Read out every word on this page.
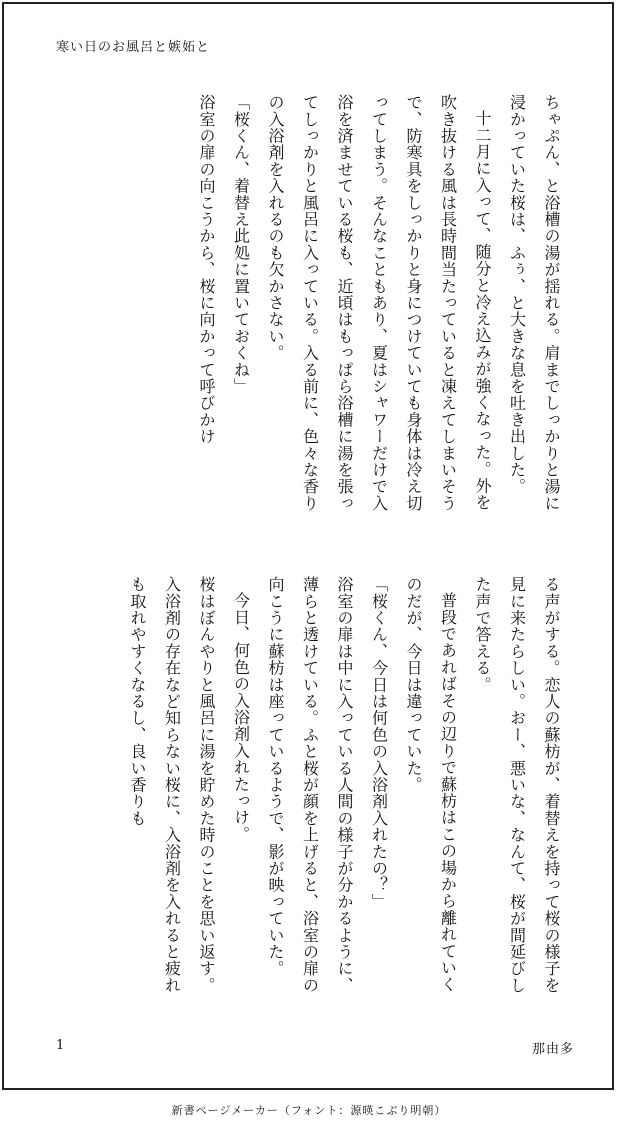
寒い日のお風呂と嫉妬と

ちゃぷん、と浴槽の湯が揺れる。肩までしっかりと湯に浸かっていた桜は、ふぅ、と大きな息を吐き出した。

十二月に入って、随分と冷え込みが強くなった。外を吹き抜ける風は長時間当たっていると凍えてしまいそうで、防寒具をしっかりと身につけていても身体は冷え切ってしまう。そんなこともあり、夏はシャワーだけで入浴を済ませている桜も、近頃はもっぱら浴槽に湯を張ってしっかりと風呂に入っている。入る前に、色々な香りの入浴剤を入れるのも欠かさない。

「桜くん、着替え此処に置いておくね」

浴室の扉の向こうから、桜に向かって呼びかけ

る声がする。恋人の蘇枋が、着替えを持って桜の様子を見に来たらしい。おー、悪いな、なんて、桜が間延びした声で答える。

普段であればその辺りで蘇枋はこの場から離れていくのだが、今日は違っていた。

「桜くん、今日は何色の入浴剤入れたの？」

浴室の扉は中に入っている人間の様子が分かるように、薄らと透けている。ふと桜が顔を上げると、浴室の扉の向こうに蘇枋は座っているようで、影が映っていた。

今日、何色の入浴剤入れたっけ。

桜はぼんやりと風呂に湯を貯めた時のことを思い返す。入浴剤の存在など知らない桜に、入浴剤を入れると疲れも取れやすくなるし、良い香りも

1	那由多
新書ページメーカー（フォント：源暎こぶり明朝）
